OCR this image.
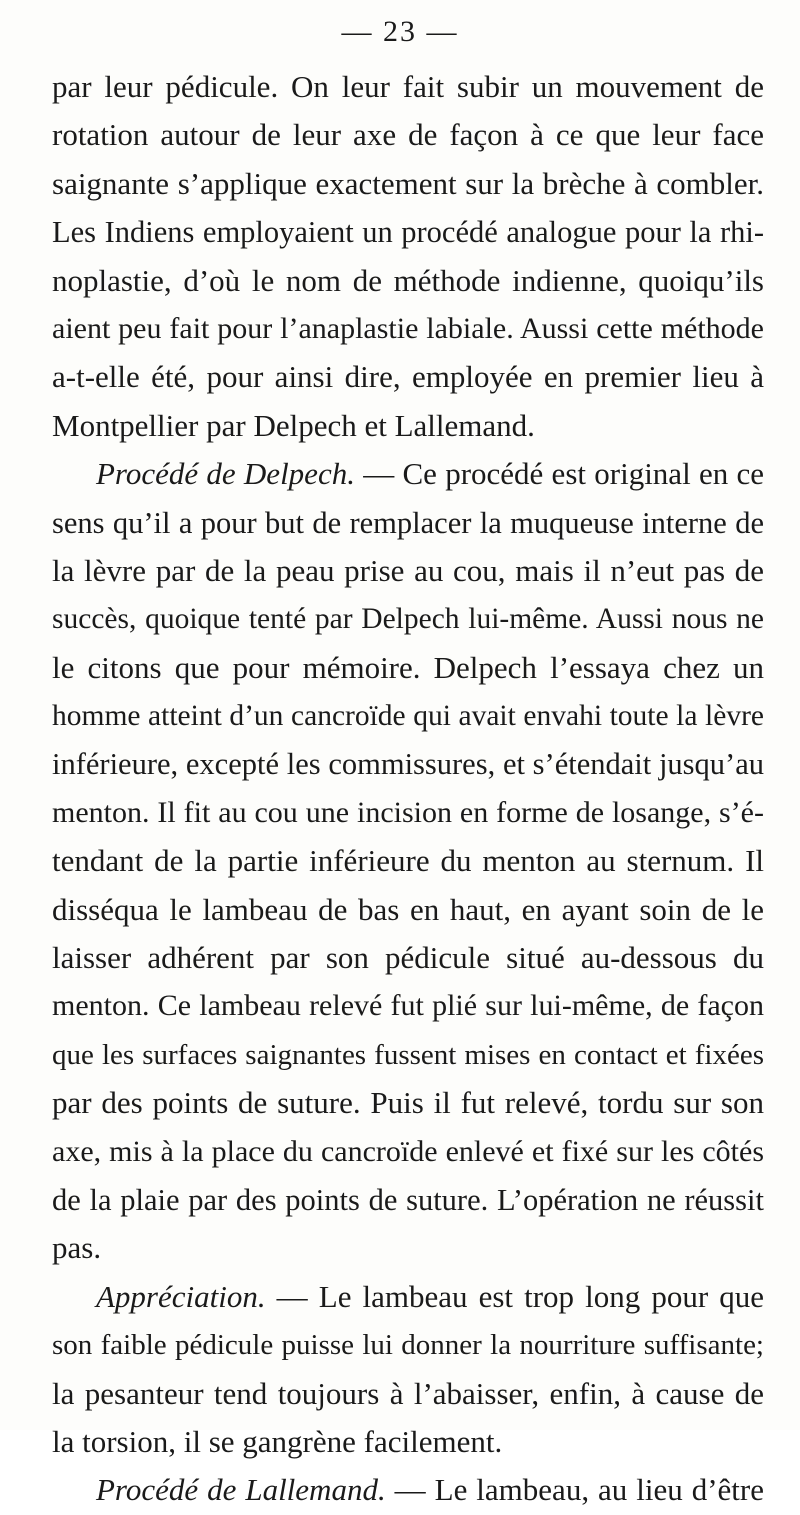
— 23 —
par leur pédicule. On leur fait subir un mouvement de
rotation autour de leur axe de façon à ce que leur face
saignante s’applique exactement sur la brèche à combler.
Les Indiens employaient un procédé analogue pour la rhi-
noplastie, d’où le nom de méthode indienne, quoiqu’ils
aient peu fait pour l’anaplastie labiale. Aussi cette méthode
a-t-elle été, pour ainsi dire, employée en premier lieu à
Montpellier par Delpech et Lallemand.
Procédé de Delpech. — Ce procédé est original en ce
sens qu’il a pour but de remplacer la muqueuse interne de
la lèvre par de la peau prise au cou, mais il n’eut pas de
succès, quoique tenté par Delpech lui-même. Aussi nous ne
le citons que pour mémoire. Delpech l’essaya chez un
homme atteint d’un cancroïde qui avait envahi toute la lèvre
inférieure, excepté les commissures, et s’étendait jusqu’au
menton. Il fit au cou une incision en forme de losange, s’é-
tendant de la partie inférieure du menton au sternum. Il
disséqua le lambeau de bas en haut, en ayant soin de le
laisser adhérent par son pédicule situé au-dessous du
menton. Ce lambeau relevé fut plié sur lui-même, de façon
que les surfaces saignantes fussent mises en contact et fixées
par des points de suture. Puis il fut relevé, tordu sur son
axe, mis à la place du cancroïde enlevé et fixé sur les côtés
de la plaie par des points de suture. L’opération ne réussit
pas.
Appréciation. — Le lambeau est trop long pour que
son faible pédicule puisse lui donner la nourriture suffisante;
la pesanteur tend toujours à l’abaisser, enfin, à cause de
la torsion, il se gangrène facilement.
Procédé de Lallemand. — Le lambeau, au lieu d’être
